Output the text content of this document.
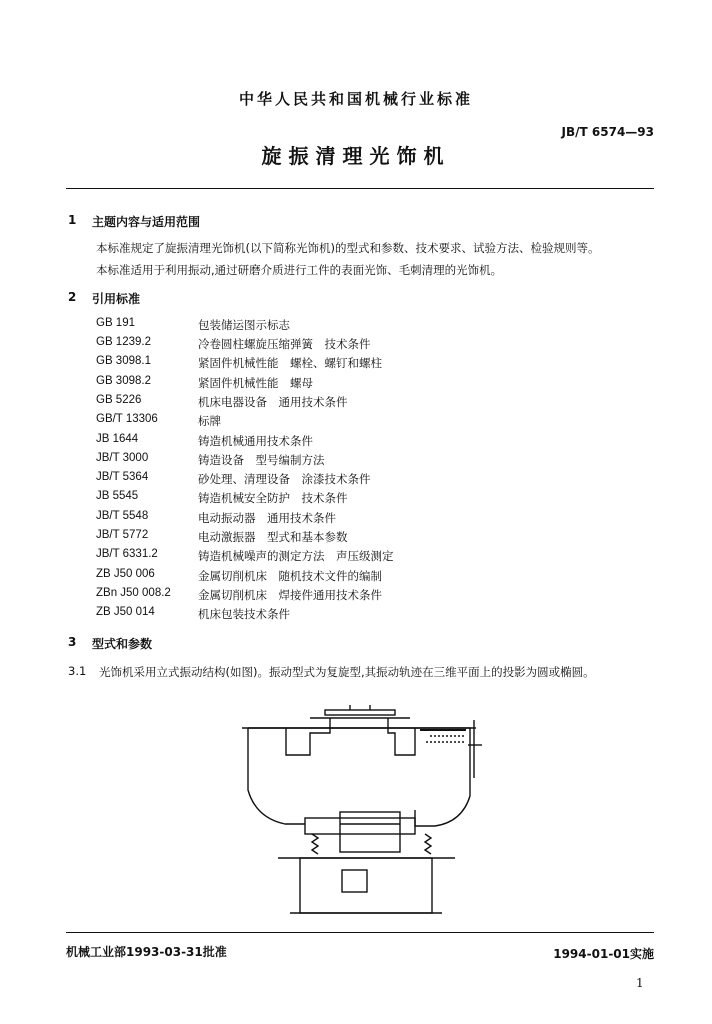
中华人民共和国机械行业标准
JB/T 6574—93
旋振清理光饰机
1 主题内容与适用范围
本标准规定了旋振清理光饰机(以下简称光饰机)的型式和参数、技术要求、试验方法、检验规则等。
本标准适用于利用振动,通过研磨介质进行工件的表面光饰、毛刺清理的光饰机。
2 引用标准
GB 191	包装储运图示标志
GB 1239.2	冷卷圆柱螺旋压缩弹簧　技术条件
GB 3098.1	紧固件机械性能　螺栓、螺钉和螺柱
GB 3098.2	紧固件机械性能　螺母
GB 5226	机床电器设备　通用技术条件
GB/T 13306	标牌
JB 1644	铸造机械通用技术条件
JB/T 3000	铸造设备　型号编制方法
JB/T 5364	砂处理、清理设备　涂漆技术条件
JB 5545	铸造机械安全防护　技术条件
JB/T 5548	电动振动器　通用技术条件
JB/T 5772	电动激振器　型式和基本参数
JB/T 6331.2	铸造机械噪声的测定方法　声压级测定
ZB J50 006	金属切削机床　随机技术文件的编制
ZBn J50 008.2 金属切削机床　焊接件通用技术条件
ZB J50 014	机床包装技术条件
3 型式和参数
3.1 光饰机采用立式振动结构(如图)。振动型式为复旋型,其振动轨迹在三维平面上的投影为圆或椭圆。
机械工业部1993-03-31批准	1994-01-01实施
1
